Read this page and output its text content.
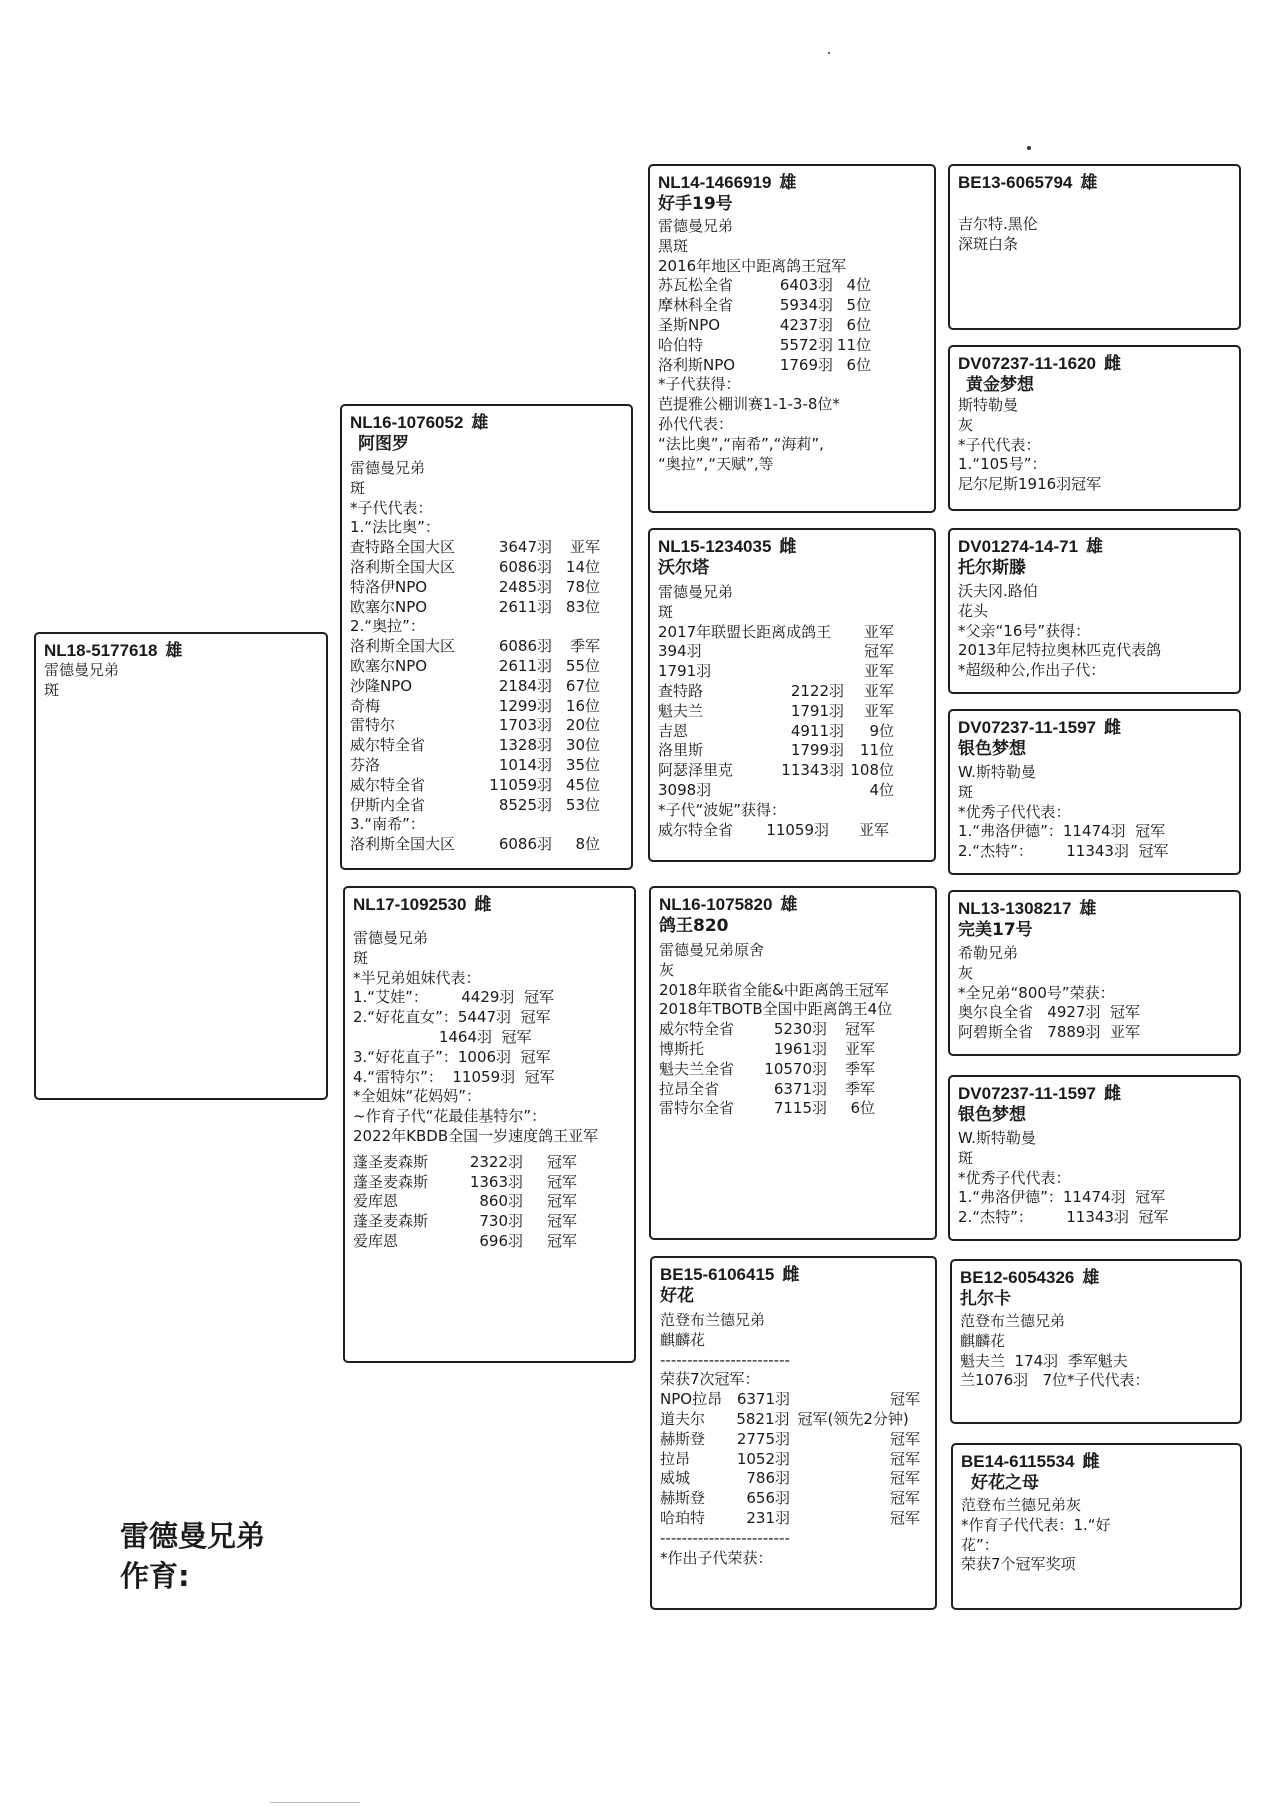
NL18-5177618 雄
雷德曼兄弟
斑
NL16-1076052 雄
阿图罗
雷德曼兄弟
斑
*子代代表：
1.“法比奥”：
查特路全国大区	3647羽	亚军
洛利斯全国大区	6086羽 14位
特洛伊NPO	2485羽 78位
欧塞尔NPO	2611羽 83位
2.“奥拉”：
洛利斯全国大区	6086羽	季军
欧塞尔NPO	2611羽 55位
沙隆NPO	2184羽 67位
奇梅	1299羽 16位
雷特尔	1703羽 20位
威尔特全省	1328羽 30位
芬洛	1014羽 35位
威尔特全省	11059羽 45位
伊斯内全省	8525羽 53位
3.“南希”：
洛利斯全国大区	6086羽	8位
NL17-1092530 雌
雷德曼兄弟
斑
*半兄弟姐妹代表：
1.“艾娃”：       4429羽  冠军
2.“好花直女”：5447羽  冠军
1464羽  冠军
3.“好花直子”：1006羽  冠军
4.“雷特尔”：  11059羽  冠军
*全姐妹“花妈妈”：
~作育子代“花最佳基特尔”：
2022年KBDB全国一岁速度鸽王亚军
蓬圣麦森斯	2322羽	冠军
蓬圣麦森斯	1363羽	冠军
爱库恩	860羽	冠军
蓬圣麦森斯	730羽	冠军
爱库恩	696羽	冠军
NL14-1466919 雄
好手19号
雷德曼兄弟
黑斑
2016年地区中距离鸽王冠军
苏瓦松全省	6403羽 4位
摩林科全省	5934羽 5位
圣斯NPO	4237羽 6位
哈伯特	5572羽 11位
洛利斯NPO	1769羽 6位
*子代获得：
芭提雅公棚训赛1-1-3-8位*
孙代代表：
“法比奥”,“南希”,“海莉”,
“奥拉”,“天赋”,等
NL15-1234035 雌
沃尔塔
雷德曼兄弟
斑
2017年联盟长距离成鸽王	亚军
394羽	冠军
1791羽	亚军
查特路	2122羽	亚军
魁夫兰	1791羽	亚军
吉恩	4911羽	9位
洛里斯	1799羽	11位
阿瑟泽里克	11343羽 108位
3098羽	4位
*子代“波妮”获得：
威尔特全省	11059羽	亚军
NL16-1075820 雄
鸽王820
雷德曼兄弟原舍
灰
2018年联省全能&中距离鸽王冠军
2018年TBOTB全国中距离鸽王4位
威尔特全省	5230羽	冠军
博斯托	1961羽	亚军
魁夫兰全省	10570羽	季军
拉昂全省	6371羽	季军
雷特尔全省	7115羽	6位
BE15-6106415 雌
好花
范登布兰德兄弟
麒麟花
------------------------
荣获7次冠军：
NPO拉昂 6371羽	冠军
道夫尔	5821羽 冠军(领先2分钟)
赫斯登	2775羽	冠军
拉昂	1052羽	冠军
威城	786羽	冠军
赫斯登	656羽	冠军
哈珀特	231羽	冠军
------------------------
*作出子代荣获：
BE13-6065794 雄
吉尔特.黑伦
深斑白条
DV07237-11-1620 雌
黄金梦想
斯特勒曼
灰
*子代代表：
1.“105号”：
尼尔尼斯1916羽冠军
DV01274-14-71 雄
托尔斯滕
沃夫冈.路伯
花头
*父亲“16号”获得：
2013年尼特拉奥林匹克代表鸽
*超级种公,作出子代：
DV07237-11-1597 雌
银色梦想
W.斯特勒曼
斑
*优秀子代代表：
1.“弗洛伊德”：11474羽  冠军
2.“杰特”：       11343羽  冠军
NL13-1308217 雄
完美17号
希勒兄弟
灰
*全兄弟“800号”荣获：
奥尔良全省   4927羽  冠军
阿碧斯全省   7889羽  亚军
DV07237-11-1597 雌
银色梦想
W.斯特勒曼
斑
*优秀子代代表：
1.“弗洛伊德”：11474羽  冠军
2.“杰特”：       11343羽  冠军
BE12-6054326 雄
扎尔卡
范登布兰德兄弟
麒麟花
魁夫兰  174羽  季军魁夫
兰1076羽   7位*子代代表：
BE14-6115534 雌
好花之母
范登布兰德兄弟灰
*作育子代代表：1.“好
花”：
荣获7个冠军奖项
雷德曼兄弟
作育:
